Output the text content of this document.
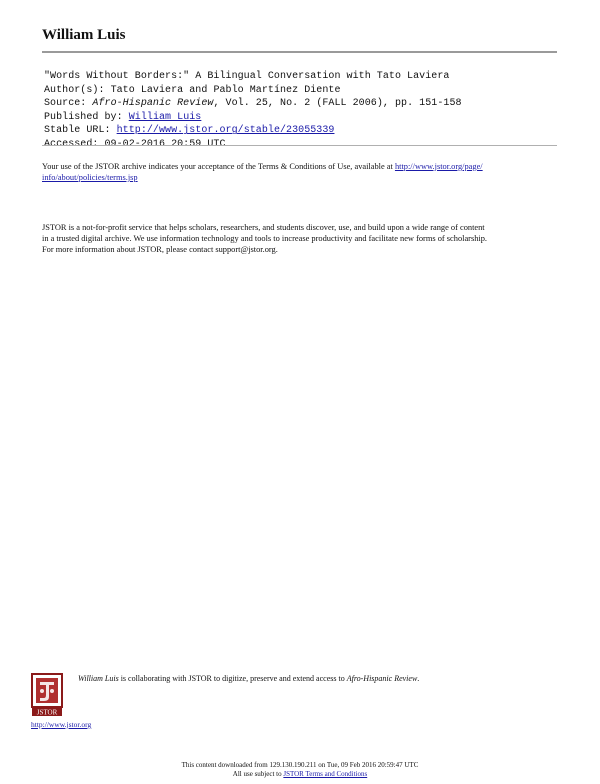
William Luis
"Words Without Borders:" A Bilingual Conversation with Tato Laviera
Author(s): Tato Laviera and Pablo Martínez Diente
Source: Afro-Hispanic Review, Vol. 25, No. 2 (FALL 2006), pp. 151-158
Published by: William Luis
Stable URL: http://www.jstor.org/stable/23055339
Your use of the JSTOR archive indicates your acceptance of the Terms & Conditions of Use, available at http://www.jstor.org/page/
info/about/policies/terms.jsp
JSTOR is a not-for-profit service that helps scholars, researchers, and students discover, use, and build upon a wide range of content
in a trusted digital archive. We use information technology and tools to increase productivity and facilitate new forms of scholarship.
For more information about JSTOR, please contact support@jstor.org.
JSTOR
William Luis is collaborating with JSTOR to digitize, preserve and extend access to Afro-Hispanic Review.
http://www.jstor.org
This content downloaded from 129.130.190.211 on Tue, 09 Feb 2016 20:59:47 UTC
All use subject to JSTOR Terms and Conditions
